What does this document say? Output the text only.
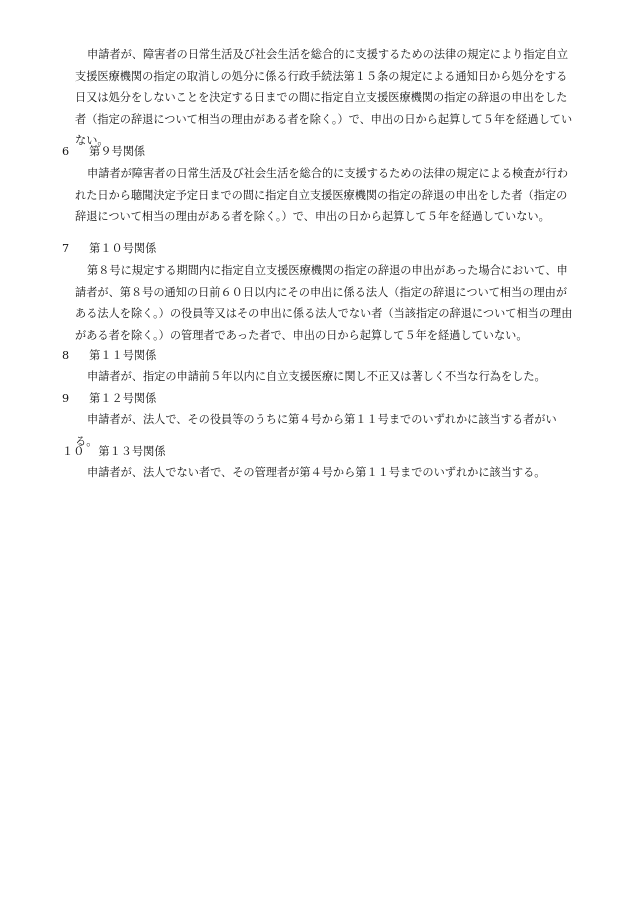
申請者が、障害者の日常生活及び社会生活を総合的に支援するための法律の規定により指定自立支援医療機関の指定の取消しの処分に係る行政手続法第１５条の規定による通知日から処分をする日又は処分をしないことを決定する日までの間に指定自立支援医療機関の指定の辞退の申出をした者（指定の辞退について相当の理由がある者を除く。）で、申出の日から起算して５年を経過していない。
6 第９号関係
申請者が障害者の日常生活及び社会生活を総合的に支援するための法律の規定による検査が行われた日から聴聞決定予定日までの間に指定自立支援医療機関の指定の辞退の申出をした者（指定の辞退について相当の理由がある者を除く。）で、申出の日から起算して５年を経過していない。
7 第１０号関係
第８号に規定する期間内に指定自立支援医療機関の指定の辞退の申出があった場合において、申請者が、第８号の通知の日前６０日以内にその申出に係る法人（指定の辞退について相当の理由がある法人を除く。）の役員等又はその申出に係る法人でない者（当該指定の辞退について相当の理由がある者を除く。）の管理者であった者で、申出の日から起算して５年を経過していない。
8 第１１号関係
申請者が、指定の申請前５年以内に自立支援医療に関し不正又は著しく不当な行為をした。
9 第１２号関係
申請者が、法人で、その役員等のうちに第４号から第１１号までのいずれかに該当する者がいる。
１０ 第１３号関係
申請者が、法人でない者で、その管理者が第４号から第１１号までのいずれかに該当する。
